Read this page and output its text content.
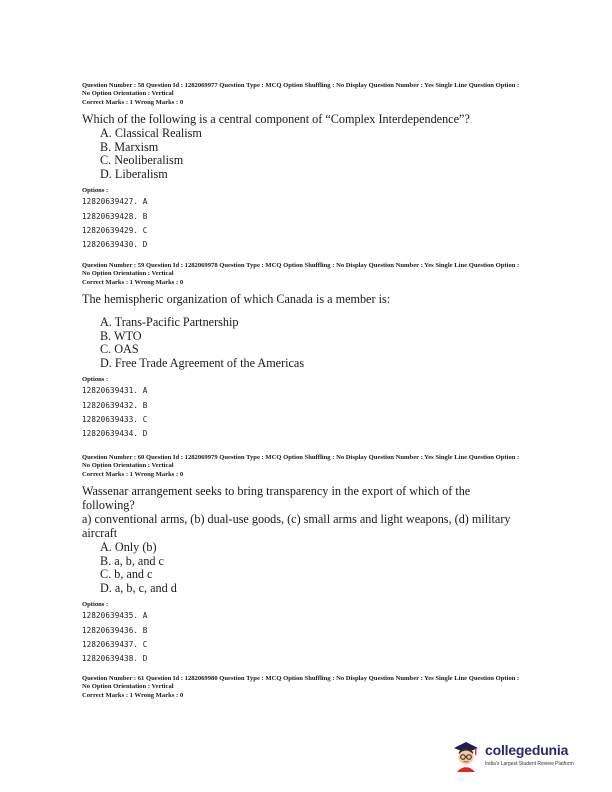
Question Number : 58 Question Id : 1282069977 Question Type : MCQ Option Shuffling : No Display Question Number : Yes Single Line Question Option : No Option Orientation : Vertical
Correct Marks : 1 Wrong Marks : 0
Which of the following is a central component of “Complex Interdependence”?
A. Classical Realism
B. Marxism
C. Neoliberalism
D. Liberalism
Options :
12820639427. A
12820639428. B
12820639429. C
12820639430. D
Question Number : 59 Question Id : 1282069978 Question Type : MCQ Option Shuffling : No Display Question Number : Yes Single Line Question Option : No Option Orientation : Vertical
Correct Marks : 1 Wrong Marks : 0
The hemispheric organization of which Canada is a member is:
A. Trans-Pacific Partnership
B. WTO
C. OAS
D. Free Trade Agreement of the Americas
Options :
12820639431. A
12820639432. B
12820639433. C
12820639434. D
Question Number : 60 Question Id : 1282069979 Question Type : MCQ Option Shuffling : No Display Question Number : Yes Single Line Question Option : No Option Orientation : Vertical
Correct Marks : 1 Wrong Marks : 0
Wassenar arrangement seeks to bring transparency in the export of which of the following?
a) conventional arms, (b) dual-use goods, (c) small arms and light weapons, (d) military aircraft
A. Only (b)
B. a, b, and c
C. b, and c
D. a, b, c, and d
Options :
12820639435. A
12820639436. B
12820639437. C
12820639438. D
Question Number : 61 Question Id : 1282069980 Question Type : MCQ Option Shuffling : No Display Question Number : Yes Single Line Question Option : No Option Orientation : Vertical
Correct Marks : 1 Wrong Marks : 0
collegedunia
India's Largest Student Review Platform
